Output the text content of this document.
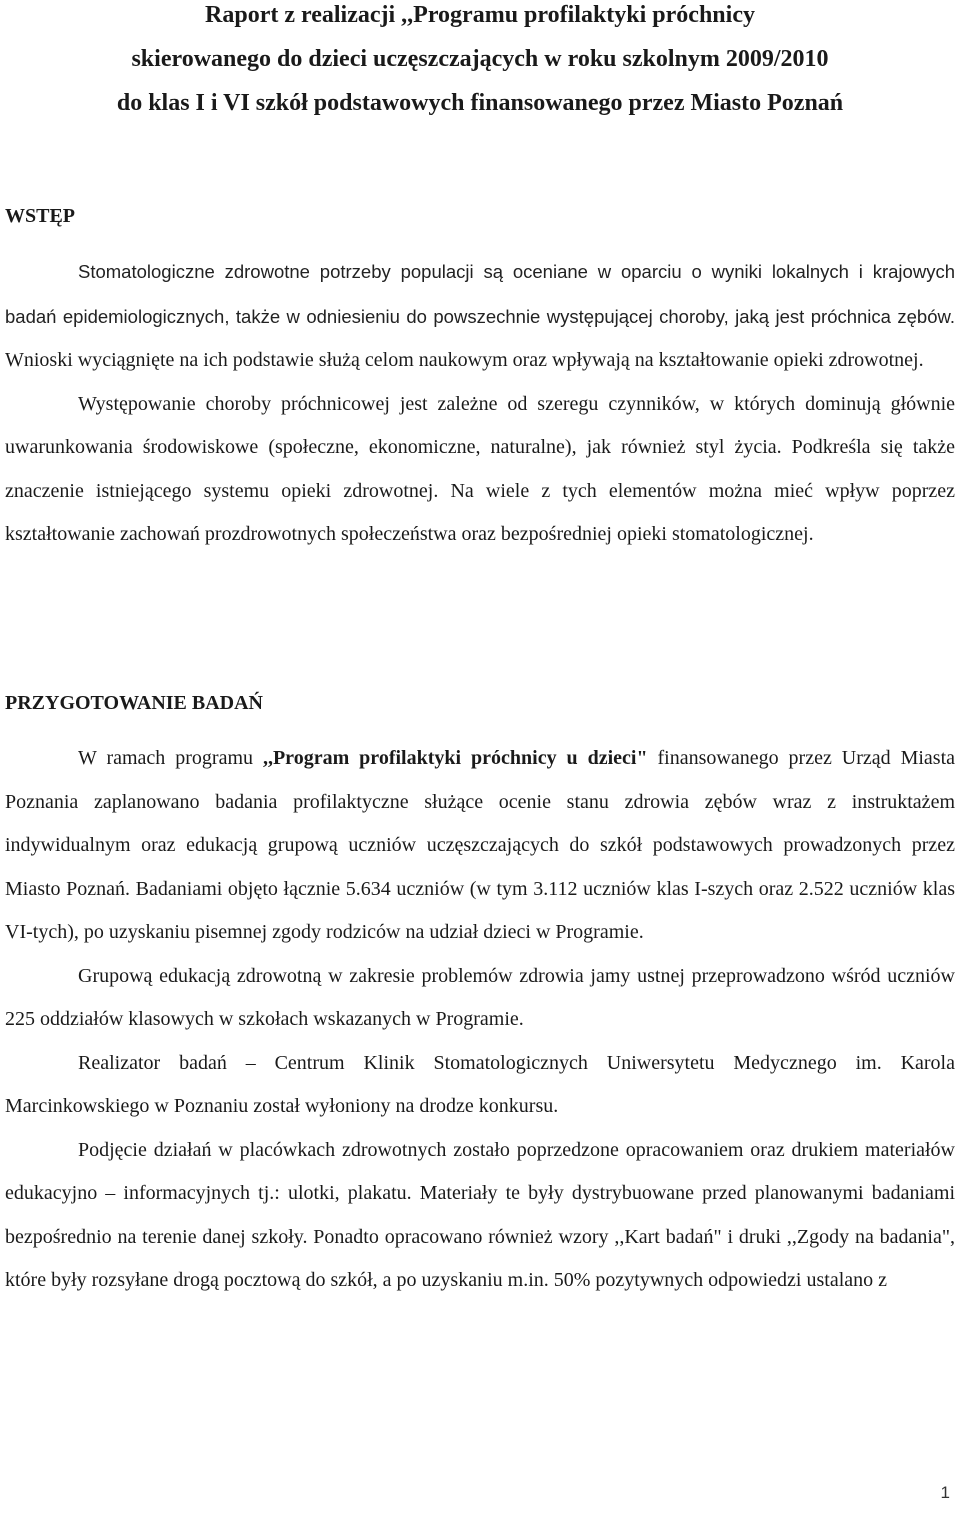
Raport z realizacji ,,Programu profilaktyki próchnicy
skierowanego do dzieci uczęszczających w roku szkolnym 2009/2010
do klas I i VI szkół podstawowych finansowanego przez Miasto Poznań
WSTĘP

Stomatologiczne zdrowotne potrzeby populacji są oceniane w oparciu o wyniki lokalnych i krajowych badań epidemiologicznych, także w odniesieniu do powszechnie występującej choroby, jaką jest próchnica zębów. Wnioski wyciągnięte na ich podstawie służą celom naukowym oraz wpływają na kształtowanie opieki zdrowotnej.

Występowanie choroby próchnicowej jest zależne od szeregu czynników, w których dominują głównie uwarunkowania środowiskowe (społeczne, ekonomiczne, naturalne), jak również styl życia. Podkreśla się także znaczenie istniejącego systemu opieki zdrowotnej. Na wiele z tych elementów można mieć wpływ poprzez kształtowanie zachowań prozdrowotnych społeczeństwa oraz bezpośredniej opieki stomatologicznej.

PRZYGOTOWANIE BADAŃ

W ramach programu ,,Program profilaktyki próchnicy u dzieci" finansowanego przez Urząd Miasta Poznania zaplanowano badania profilaktyczne służące ocenie stanu zdrowia zębów wraz z instruktażem indywidualnym oraz edukacją grupową uczniów uczęszczających do szkół podstawowych prowadzonych przez Miasto Poznań. Badaniami objęto łącznie 5.634 uczniów (w tym 3.112 uczniów klas I-szych oraz 2.522 uczniów klas VI-tych), po uzyskaniu pisemnej zgody rodziców na udział dzieci w Programie.

Grupową edukacją zdrowotną w zakresie problemów zdrowia jamy ustnej przeprowadzono wśród uczniów 225 oddziałów klasowych w szkołach wskazanych w Programie.

Realizator badań – Centrum Klinik Stomatologicznych Uniwersytetu Medycznego im. Karola Marcinkowskiego w Poznaniu został wyłoniony na drodze konkursu.

Podjęcie działań w placówkach zdrowotnych zostało poprzedzone opracowaniem oraz drukiem materiałów edukacyjno – informacyjnych tj.: ulotki, plakatu. Materiały te były dystrybuowane przed planowanymi badaniami bezpośrednio na terenie danej szkoły. Ponadto opracowano również wzory ,,Kart badań" i druki ,,Zgody na badania", które były rozsyłane drogą pocztową do szkół, a po uzyskaniu m.in. 50% pozytywnych odpowiedzi ustalano z

1
